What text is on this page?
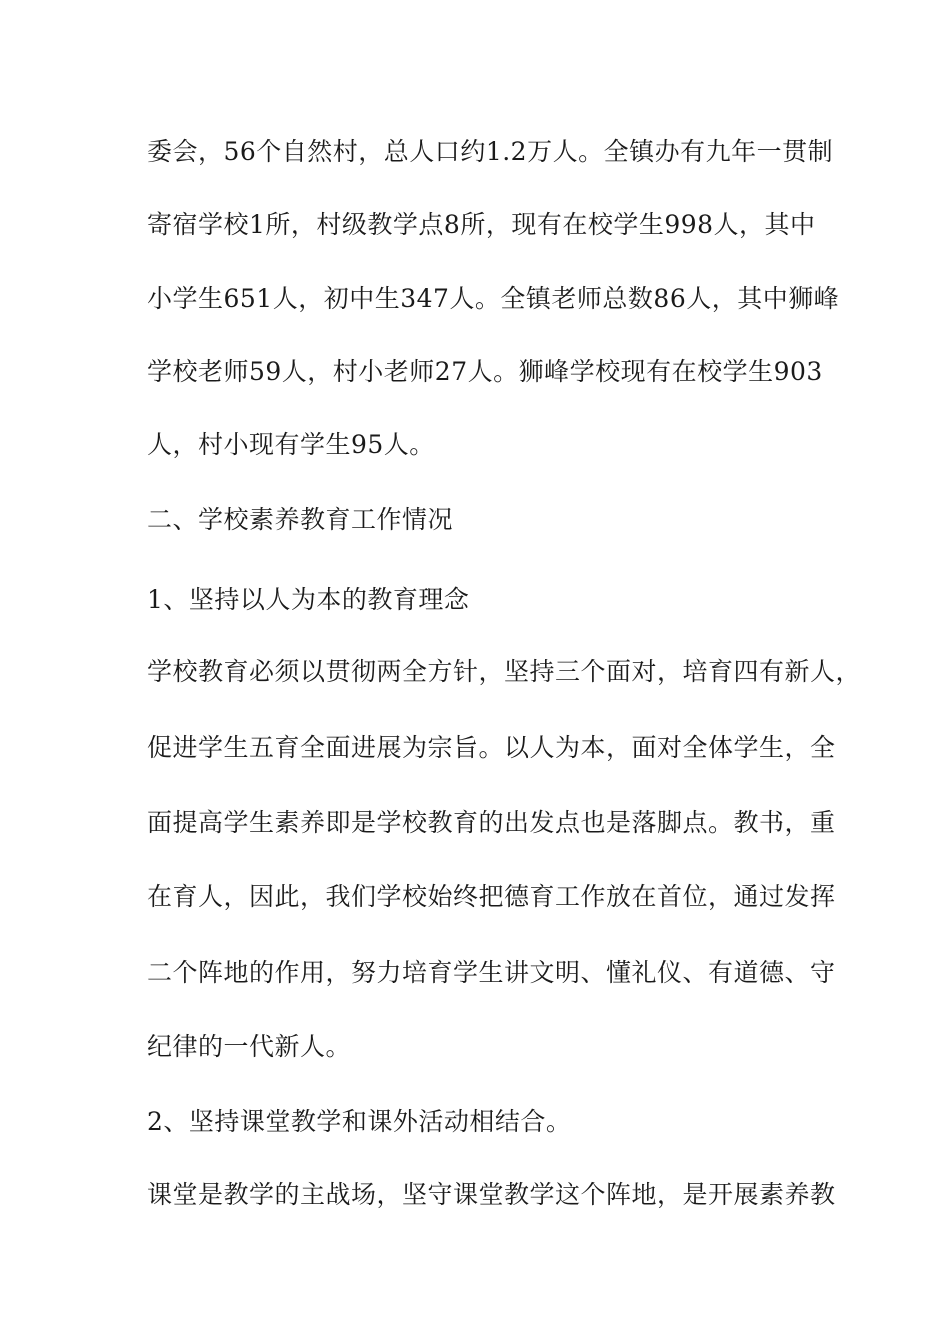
委会，56个自然村，总人口约1.2万人。全镇办有九年一贯制
寄宿学校1所，村级教学点8所，现有在校学生998人，其中
小学生651人，初中生347人。全镇老师总数86人，其中狮峰
学校老师59人，村小老师27人。狮峰学校现有在校学生903
人，村小现有学生95人。
二、学校素养教育工作情况
1、坚持以人为本的教育理念
学校教育必须以贯彻两全方针，坚持三个面对，培育四有新人，
促进学生五育全面进展为宗旨。以人为本，面对全体学生，全
面提高学生素养即是学校教育的出发点也是落脚点。教书，重
在育人，因此，我们学校始终把德育工作放在首位，通过发挥
二个阵地的作用，努力培育学生讲文明、懂礼仪、有道德、守
纪律的一代新人。
2、坚持课堂教学和课外活动相结合。
课堂是教学的主战场，坚守课堂教学这个阵地，是开展素养教
